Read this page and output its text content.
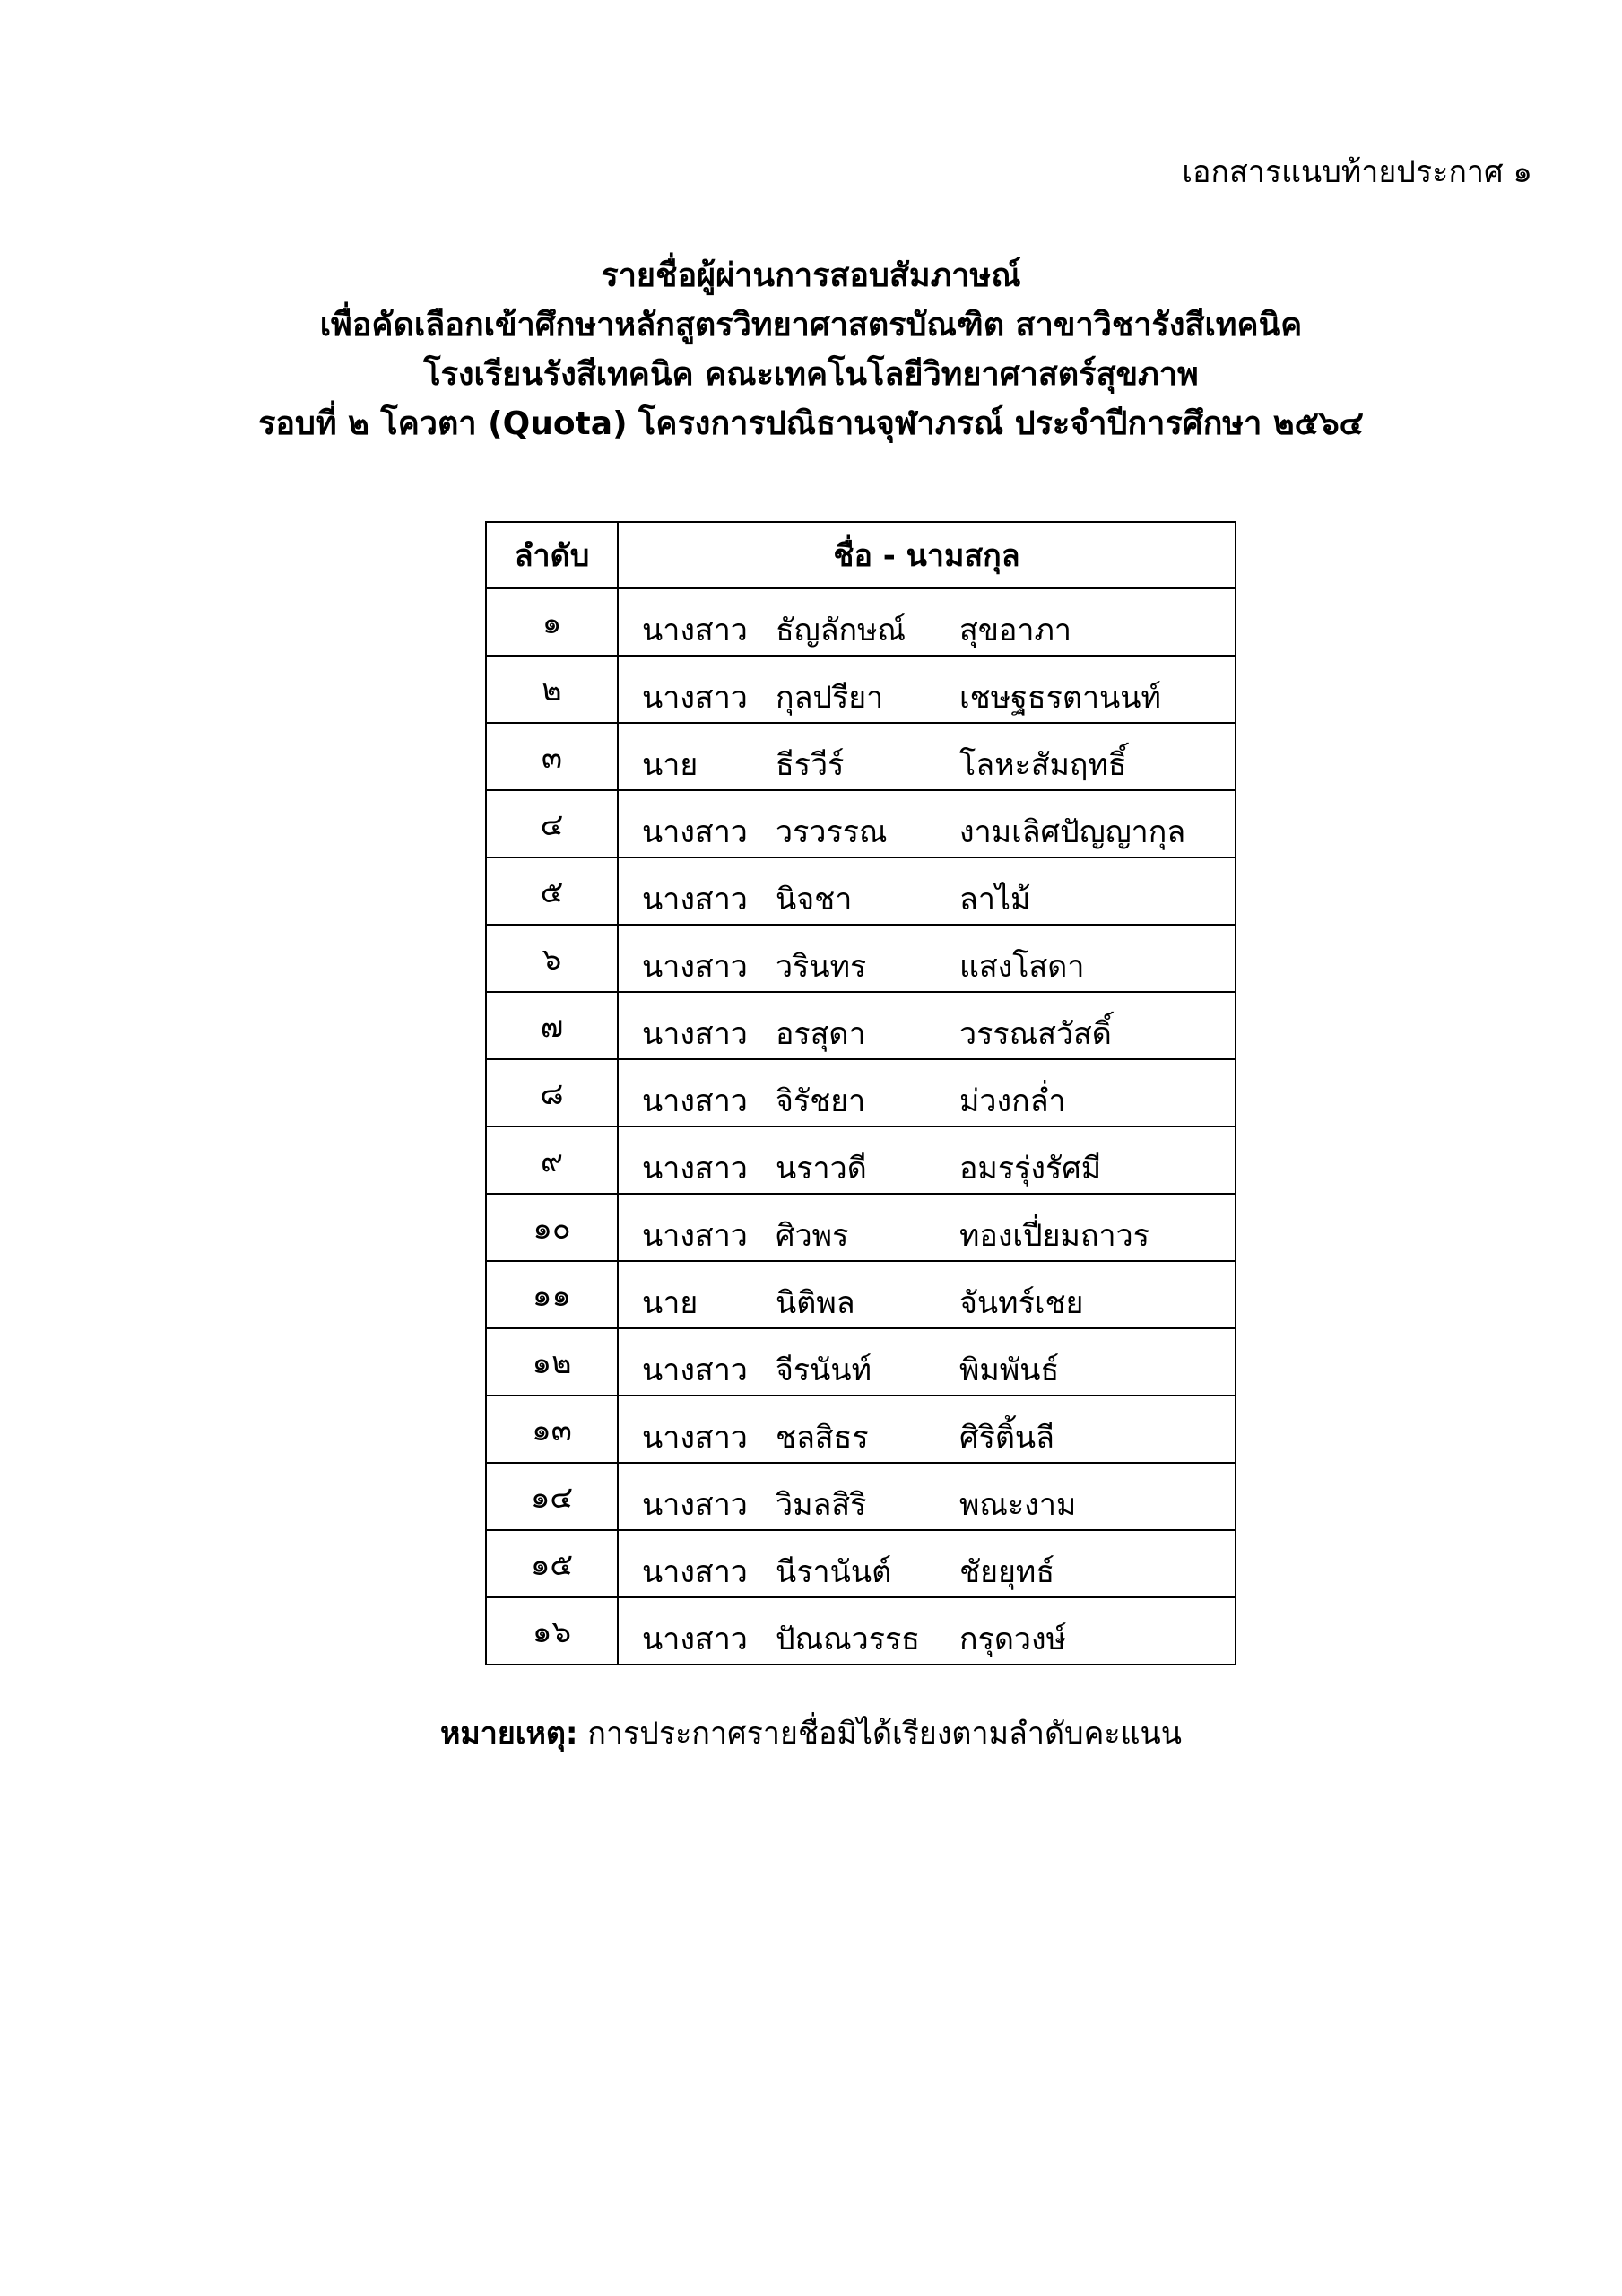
เอกสารแนบท้ายประกาศ ๑
รายชื่อผู้ผ่านการสอบสัมภาษณ์
เพื่อคัดเลือกเข้าศึกษาหลักสูตรวิทยาศาสตรบัณฑิต สาขาวิชารังสีเทคนิค
โรงเรียนรังสีเทคนิค คณะเทคโนโลยีวิทยาศาสตร์สุขภาพ
รอบที่ ๒ โควตา (Quota) โครงการปณิธานจุฬาภรณ์ ประจำปีการศึกษา ๒๕๖๔
ลำดับ	ชื่อ - นามสกุล
๑	นางสาว ธัญลักษณ์ สุขอาภา

๒	นางสาว กุลปรียา เชษฐธรตานนท์

๓	นาย ธีรวีร์ โลหะสัมฤทธิ์

๔	นางสาว วรวรรณ งามเลิศปัญญากุล

๕	นางสาว นิจชา ลาไม้

๖	นางสาว วรินทร แสงโสดา

๗	นางสาว อรสุดา วรรณสวัสดิ์

๘	นางสาว จิรัชยา ม่วงกล่ำ

๙	นางสาว นราวดี อมรรุ่งรัศมี

๑๐	นางสาว ศิวพร ทองเปี่ยมถาวร

๑๑	นาย นิติพล จันทร์เชย

๑๒	นางสาว จีรนันท์ พิมพันธ์

๑๓	นางสาว ชลสิธร ศิริติ้นลี

๑๔	นางสาว วิมลสิริ พณะงาม

๑๕	นางสาว นีรานันต์ ชัยยุทธ์

๑๖	นางสาว ปัณณวรรธ กรุดวงษ์
หมายเหตุ: การประกาศรายชื่อมิได้เรียงตามลำดับคะแนน
